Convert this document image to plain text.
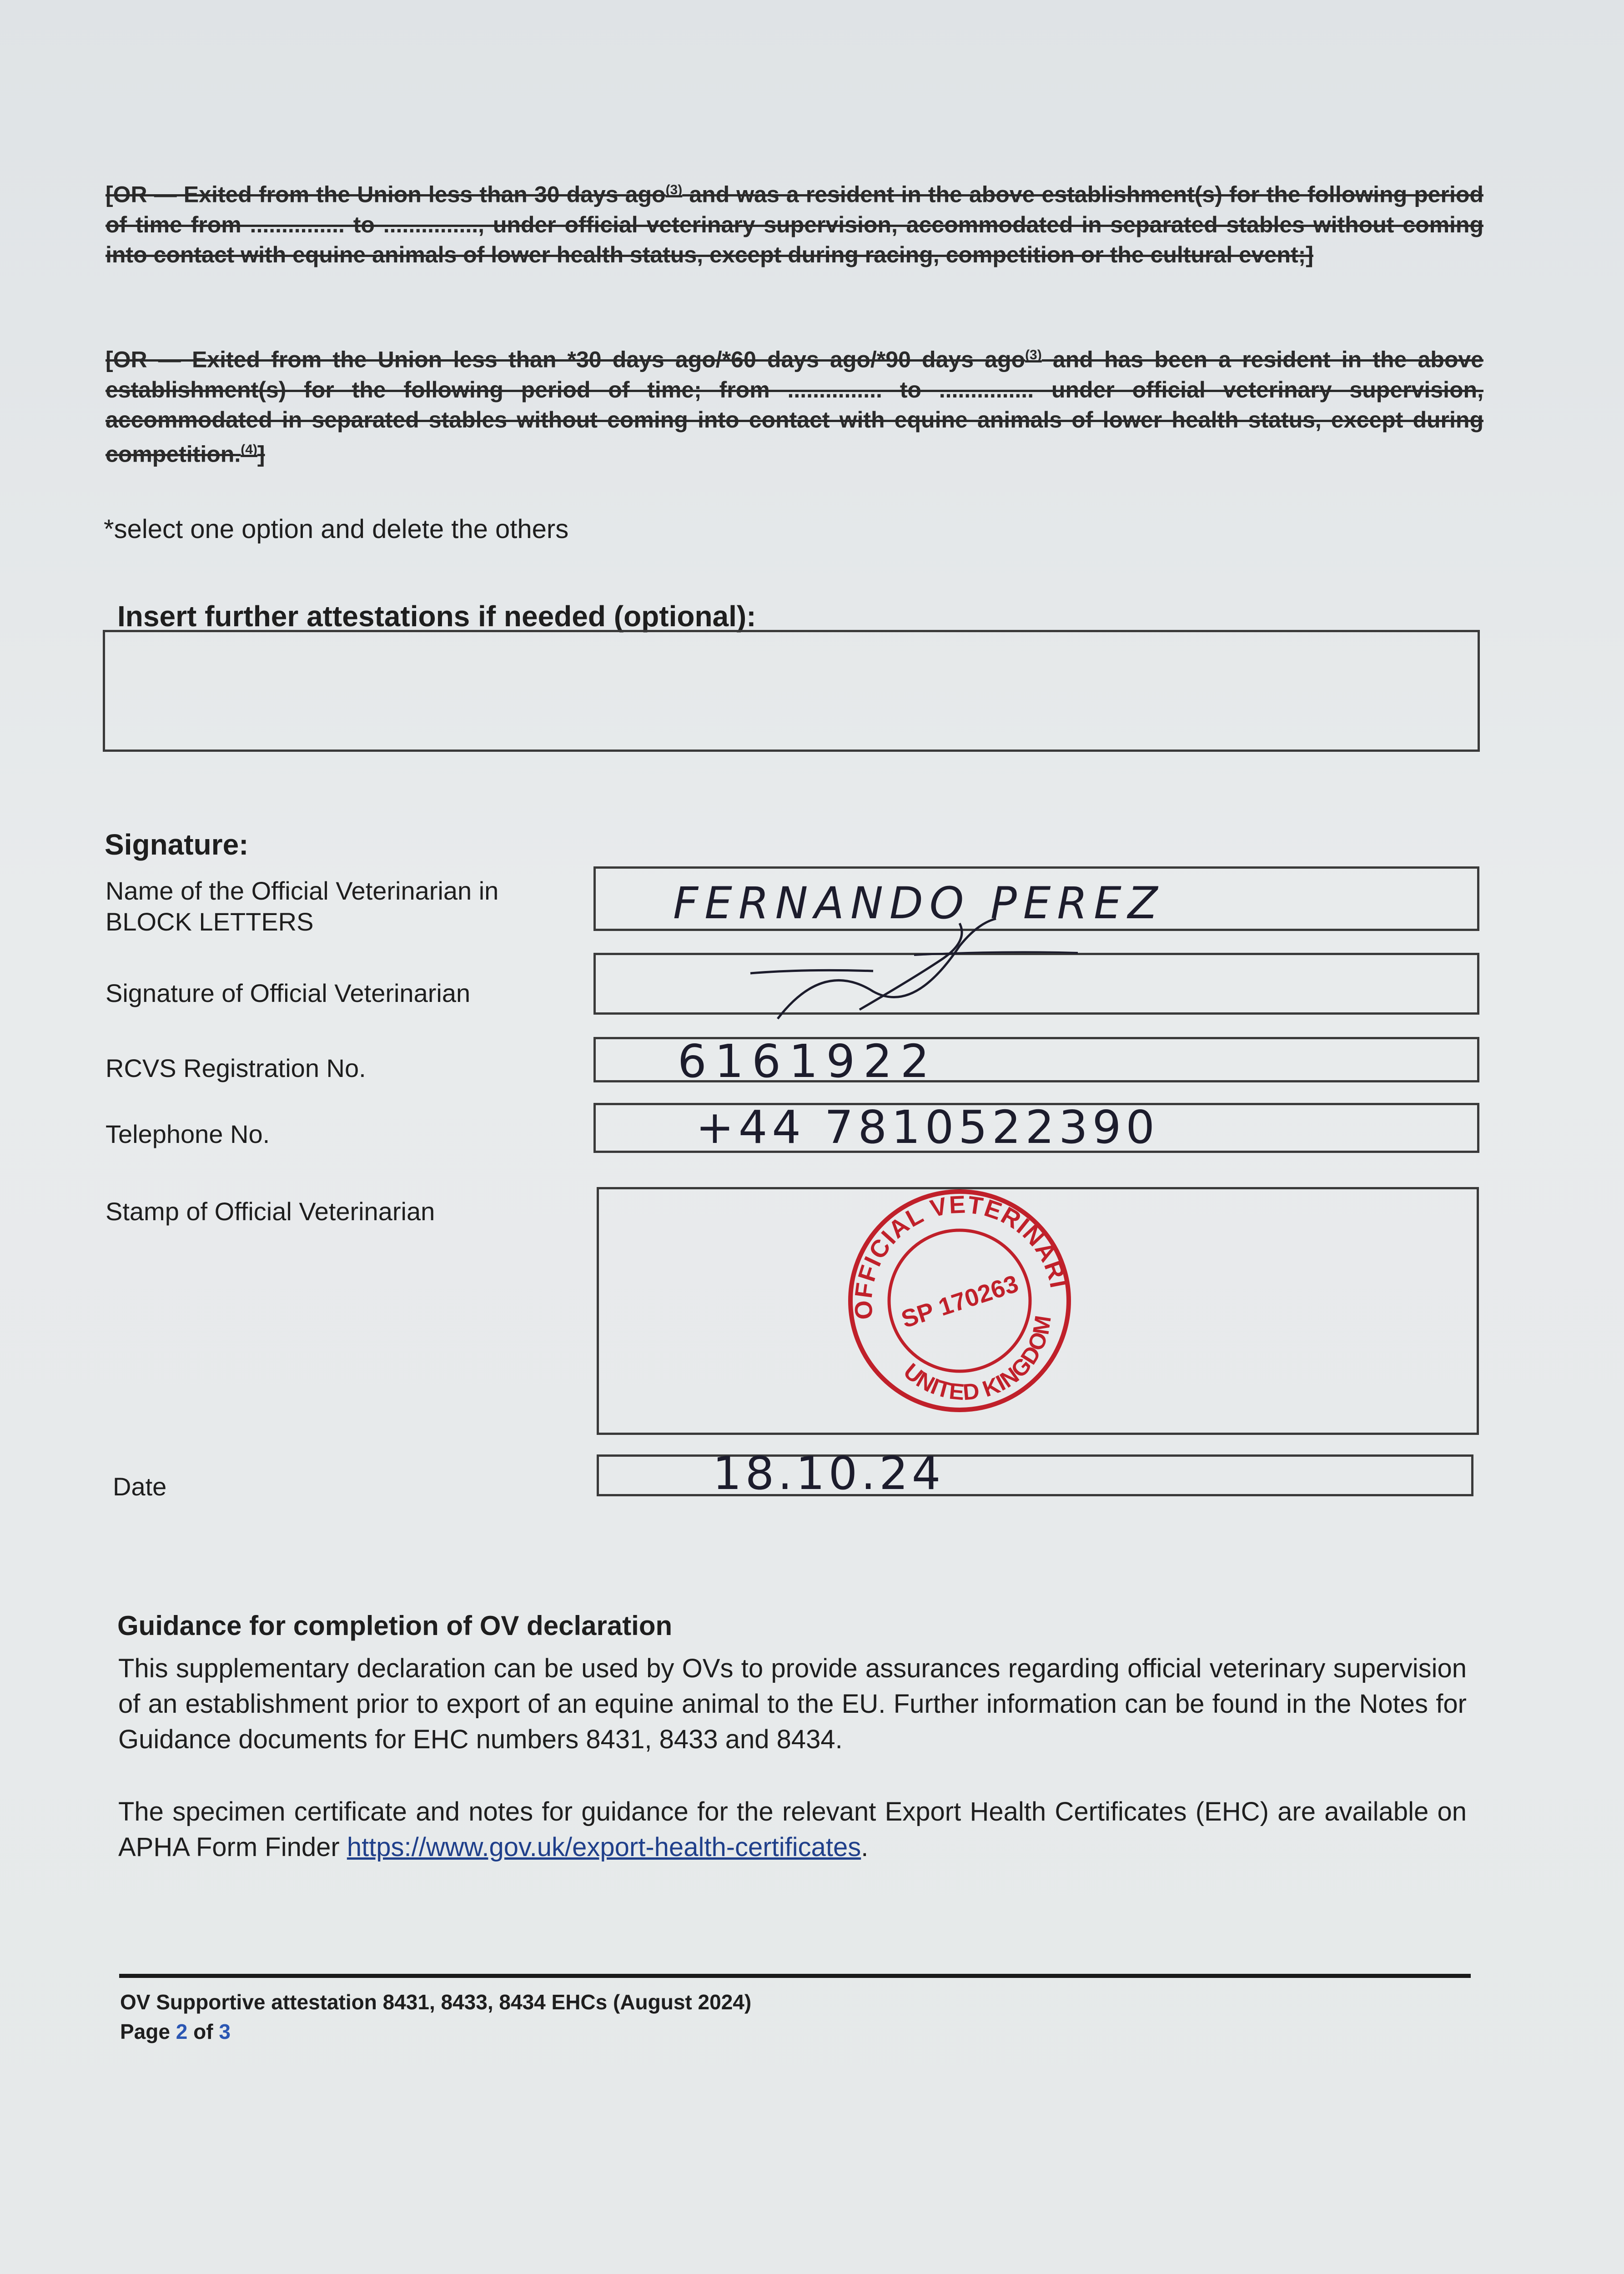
[OR — Exited from the Union less than 30 days ago$^{(3)}$ and was a resident in the above establishment(s) for the following period of time from ............... to ..............., under official veterinary supervision, accommodated in separated stables without coming into contact with equine animals of lower health status, except during racing, competition or the cultural event;]
[OR — Exited from the Union less than *30 days ago/*60 days ago/*90 days ago$^{(3)}$ and has been a resident in the above establishment(s) for the following period of time; from ............... to ............... under official veterinary supervision, accommodated in separated stables without coming into contact with equine animals of lower health status, except during competition.$^{(4)}$]
*select one option and delete the others
Insert further attestations if needed (optional):
Signature:
Name of the Official Veterinarian in BLOCK LETTERS	FERNANDO PEREZ
Signature of Official Veterinarian
RCVS Registration No.	6161922
Telephone No.	+44 7810522390
Stamp of Official Veterinarian
OFFICIAL VETERINARI
UNITED KINGDOM
SP 170263
Date	18.10.24
Guidance for completion of OV declaration
This supplementary declaration can be used by OVs to provide assurances regarding official veterinary supervision of an establishment prior to export of an equine animal to the EU. Further information can be found in the Notes for Guidance documents for EHC numbers 8431, 8433 and 8434.
The specimen certificate and notes for guidance for the relevant Export Health Certificates (EHC) are available on APHA Form Finder https://www.gov.uk/export-health-certificates.
OV Supportive attestation 8431, 8433, 8434 EHCs (August 2024)
Page 2 of 3
